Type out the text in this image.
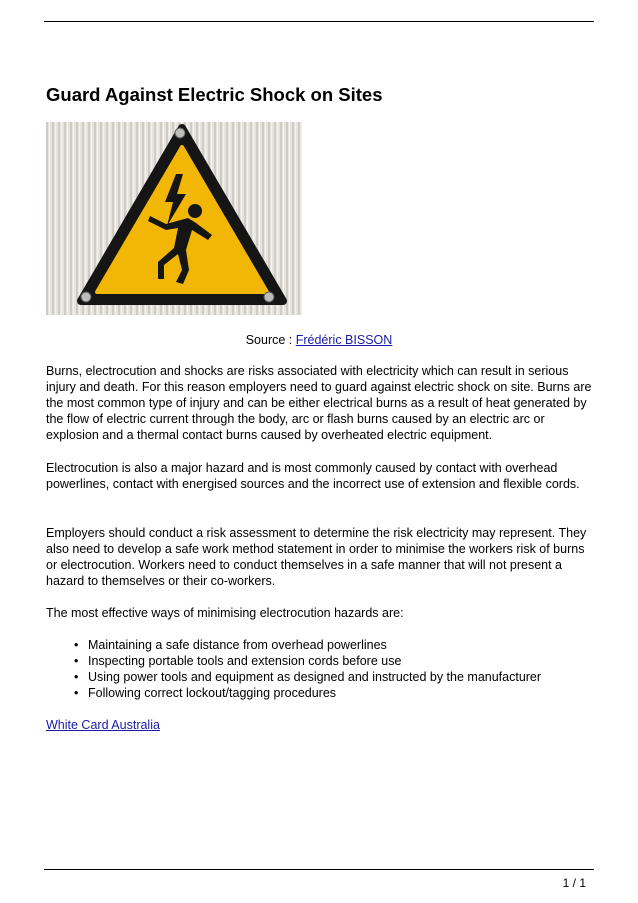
Guard Against Electric Shock on Sites
Source : Frédéric BISSON

Burns, electrocution and shocks are risks associated with electricity which can result in serious injury and death. For this reason employers need to guard against electric shock on site. Burns are the most common type of injury and can be either electrical burns as a result of heat generated by the flow of electric current through the body, arc or flash burns caused by an electric arc or explosion and a thermal contact burns caused by overheated electric equipment.

Electrocution is also a major hazard and is most commonly caused by contact with overhead powerlines, contact with energised sources and the incorrect use of extension and flexible cords.

Employers should conduct a risk assessment to determine the risk electricity may represent. They also need to develop a safe work method statement in order to minimise the workers risk of burns or electrocution. Workers need to conduct themselves in a safe manner that will not present a hazard to themselves or their co-workers.

The most effective ways of minimising electrocution hazards are:

• Maintaining a safe distance from overhead powerlines
• Inspecting portable tools and extension cords before use
• Using power tools and equipment as designed and instructed by the manufacturer
• Following correct lockout/tagging procedures
White Card Australia
1 / 1
